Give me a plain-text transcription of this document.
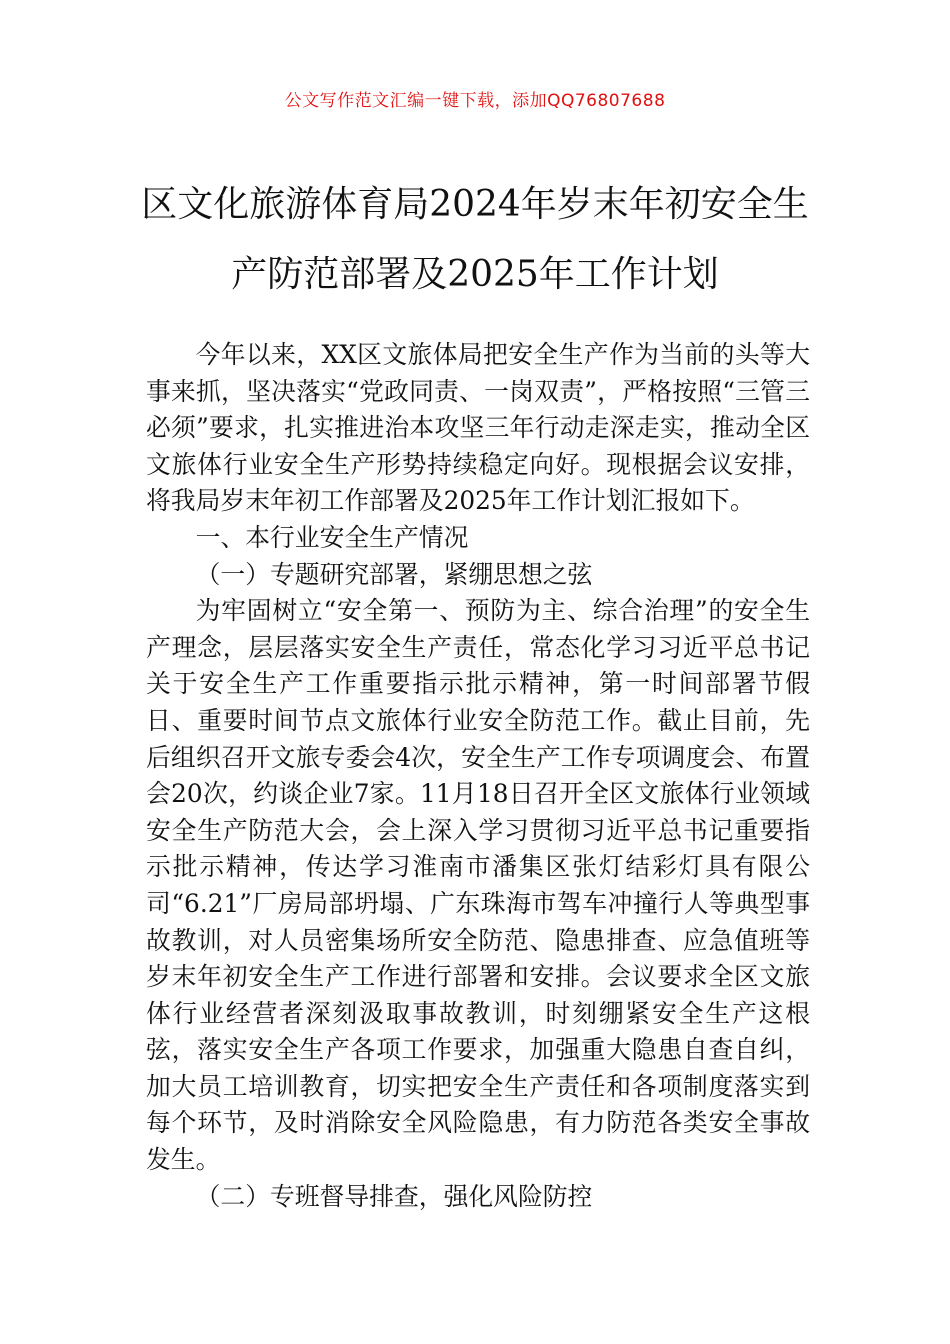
公文写作范文汇编一键下载，添加QQ76807688
区文化旅游体育局2024年岁末年初安全生
产防范部署及2025年工作计划

今年以来，XX区文旅体局把安全生产作为当前的头等大事来抓，坚决落实“党政同责、一岗双责”，严格按照“三管三必须”要求，扎实推进治本攻坚三年行动走深走实，推动全区文旅体行业安全生产形势持续稳定向好。现根据会议安排，将我局岁末年初工作部署及2025年工作计划汇报如下。

一、本行业安全生产情况

（一）专题研究部署，紧绷思想之弦

为牢固树立“安全第一、预防为主、综合治理”的安全生产理念，层层落实安全生产责任，常态化学习习近平总书记关于安全生产工作重要指示批示精神，第一时间部署节假日、重要时间节点文旅体行业安全防范工作。截止目前，先后组织召开文旅专委会4次，安全生产工作专项调度会、布置会20次，约谈企业7家。11月18日召开全区文旅体行业领域安全生产防范大会，会上深入学习贯彻习近平总书记重要指示批示精神，传达学习淮南市潘集区张灯结彩灯具有限公司“6.21”厂房局部坍塌、广东珠海市驾车冲撞行人等典型事故教训，对人员密集场所安全防范、隐患排查、应急值班等岁末年初安全生产工作进行部署和安排。会议要求全区文旅体行业经营者深刻汲取事故教训，时刻绷紧安全生产这根弦，落实安全生产各项工作要求，加强重大隐患自查自纠，加大员工培训教育，切实把安全生产责任和各项制度落实到每个环节，及时消除安全风险隐患，有力防范各类安全事故发生。

（二）专班督导排查，强化风险防控
